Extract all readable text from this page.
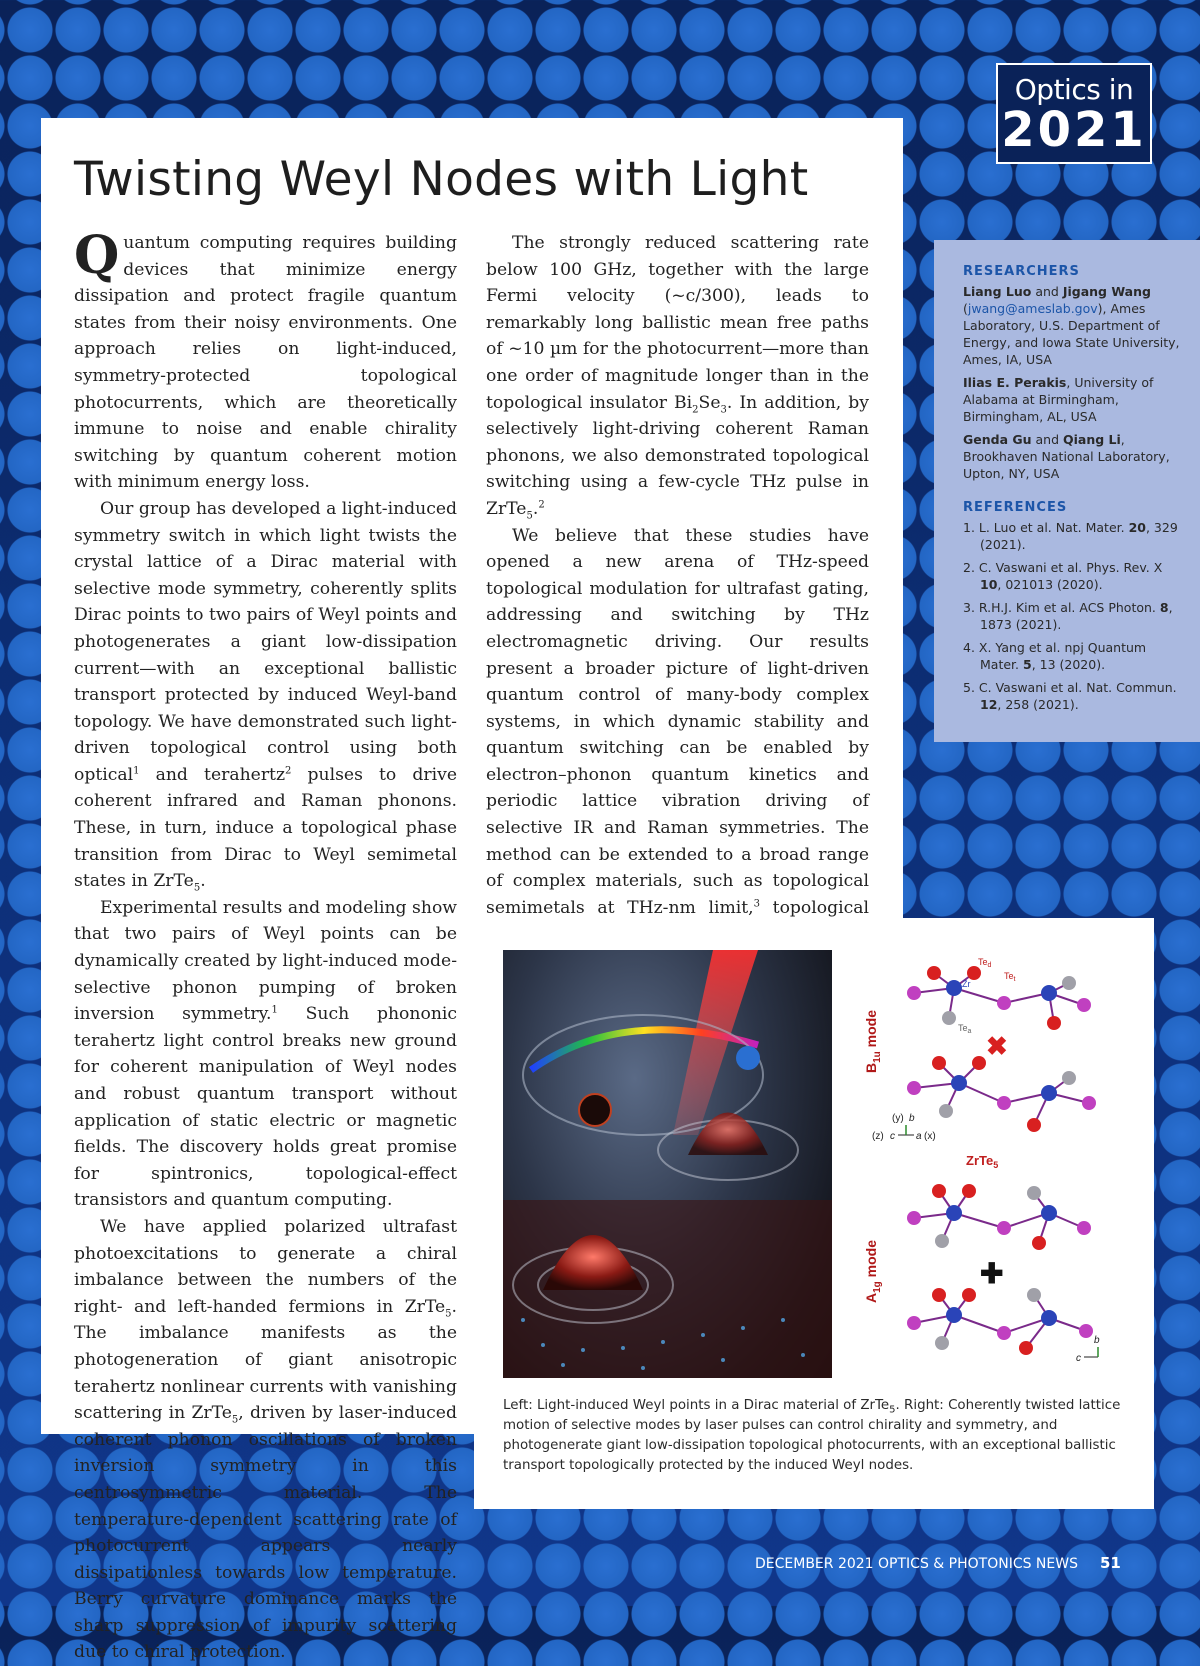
Optics in
2021
Twisting Weyl Nodes with Light

Quantum computing requires building devices that minimize energy dissipation and protect fragile quantum states from their noisy environments. One approach relies on light-induced, symmetry-protected topological photocurrents, which are theoretically immune to noise and enable chirality switching by quantum coherent motion with minimum energy loss.

Our group has developed a light-induced symmetry switch in which light twists the crystal lattice of a Dirac material with selective mode symmetry, coherently splits Dirac points to two pairs of Weyl points and photogenerates a giant low-dissipation current—with an exceptional ballistic transport protected by induced Weyl-band topology. We have demonstrated such light-driven topological control using both optical$^1$ and terahertz$^2$ pulses to drive coherent infrared and Raman phonons. These, in turn, induce a topological phase transition from Dirac to Weyl semimetal states in ZrTe$_5$.

Experimental results and modeling show that two pairs of Weyl points can be dynamically created by light-induced mode-selective phonon pumping of broken inversion symmetry.$^1$ Such phononic terahertz light control breaks new ground for coherent manipulation of Weyl nodes and robust quantum transport without application of static electric or magnetic fields. The discovery holds great promise for spintronics, topological-effect transistors and quantum computing.

We have applied polarized ultrafast photoexcitations to generate a chiral imbalance between the numbers of the right- and left-handed fermions in ZrTe$_5$. The imbalance manifests as the photogeneration of giant anisotropic terahertz nonlinear currents with vanishing scattering in ZrTe$_5$, driven by laser-induced coherent phonon oscillations of broken inversion symmetry in this centrosymmetric material. The temperature-dependent scattering rate of photocurrent appears nearly dissipationless towards low temperature. Berry curvature dominance marks the sharp suppression of impurity scattering due to chiral protection.

The strongly reduced scattering rate below 100 GHz, together with the large Fermi velocity (~c/300), leads to remarkably long ballistic mean free paths of ~10 µm for the photocurrent—more than one order of magnitude longer than in the topological insulator $Bi_2Se_3$. In addition, by selectively light-driving coherent Raman phonons, we also demonstrated topological switching using a few-cycle THz pulse in ZrTe$_5$.$^2$

We believe that these studies have opened a new arena of THz-speed topological modulation for ultrafast gating, addressing and switching by THz electromagnetic driving. Our results present a broader picture of light-driven quantum control of many-body complex systems, in which dynamic stability and quantum switching can be enabled by electron–phonon quantum kinetics and periodic lattice vibration driving of selective IR and Raman symmetries. The method can be extended to a broad range of complex materials, such as topological semimetals at THz-nm limit,$^3$ topological

RESEARCHERS

Liang Luo and Jigang Wang (jwang@ameslab.gov), Ames Laboratory, U.S. Department of Energy, and Iowa State University, Ames, IA, USA

Ilias E. Perakis, University of Alabama at Birmingham, Birmingham, AL, USA

Genda Gu and Qiang Li, Brookhaven National Laboratory, Upton, NY, USA

REFERENCES
1. L. Luo et al. Nat. Mater. 20, 329 (2021).
2. C. Vaswani et al. Phys. Rev. X 10, 021013 (2020).
3. R.H.J. Kim et al. ACS Photon. 8, 1873 (2021).
4. X. Yang et al. npj Quantum Mater. 5, 13 (2020).
5. C. Vaswani et al. Nat. Commun. 12, 258 (2021).
$B_{1u}$ mode
$A_{1g}$ mode
$Te_d$
Zr
$Te_t$
$Te_a$ ✖
(y) b
(z) c a (x)
ZrTe$_5$
✚
b
c
Left: Light-induced Weyl points in a Dirac material of ZrTe$_5$. Right: Coherently twisted lattice motion of selective modes by laser pulses can control chirality and symmetry, and photogenerate giant low-dissipation topological photocurrents, with an exceptional ballistic transport topologically protected by the induced Weyl nodes.
DECEMBER 2021 OPTICS & PHOTONICS NEWS 51
